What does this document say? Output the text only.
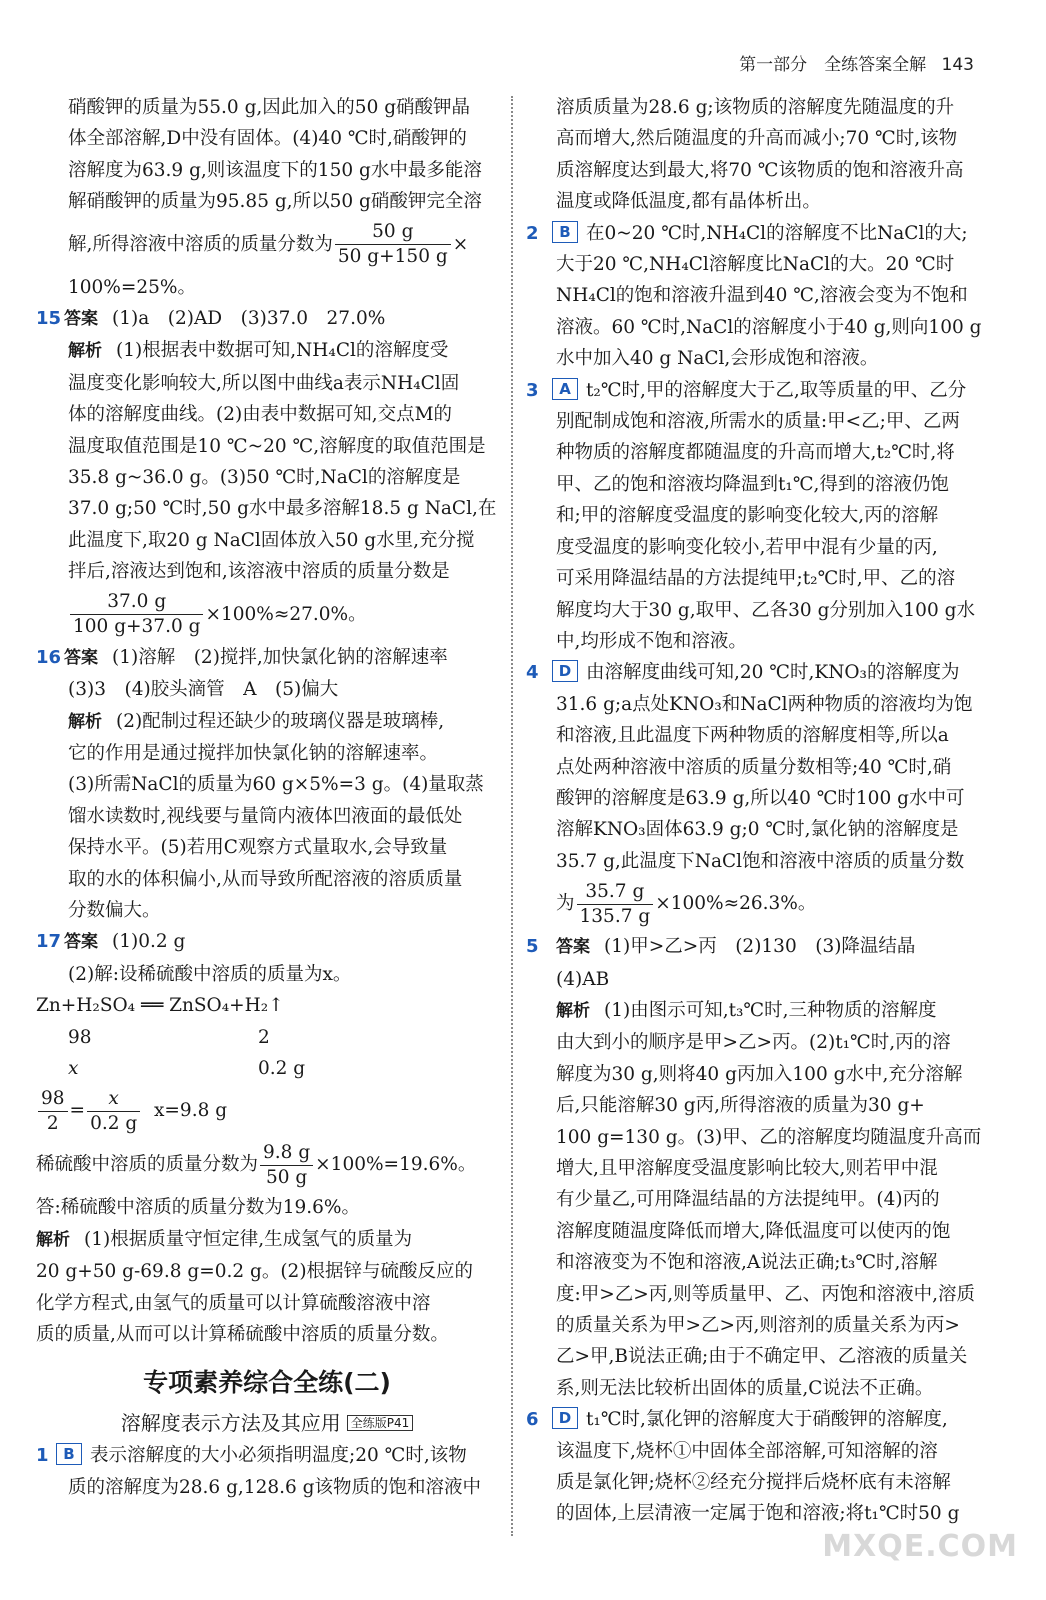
第一部分　全练答案全解 143
硝酸钾的质量为55.0 g,因此加入的50 g硝酸钾晶
体全部溶解,D中没有固体。(4)40 ℃时,硝酸钾的
溶解度为63.9 g,则该温度下的150 g水中最多能溶
解硝酸钾的质量为95.85 g,所以50 g硝酸钾完全溶
解,所得溶液中溶质的质量分数为 $\frac{50 g}{50 g+150 g}$ ×
100%=25%。
15 答案 (1)a　(2)AD　(3)37.0　27.0%
解析 (1)根据表中数据可知,NH₄Cl的溶解度受
温度变化影响较大,所以图中曲线a表示NH₄Cl固
体的溶解度曲线。(2)由表中数据可知,交点M的
温度取值范围是10 ℃~20 ℃,溶解度的取值范围是
35.8 g~36.0 g。(3)50 ℃时,NaCl的溶解度是
37.0 g;50 ℃时,50 g水中最多溶解18.5 g NaCl,在
此温度下,取20 g NaCl固体放入50 g水里,充分搅
拌后,溶液达到饱和,该溶液中溶质的质量分数是
$\frac{37.0 g}{100 g+37.0 g} \times 100\%\approx 27.0\%$。
16 答案 (1)溶解　(2)搅拌,加快氯化钠的溶解速率
(3)3　(4)胶头滴管　A　(5)偏大
解析 (2)配制过程还缺少的玻璃仪器是玻璃棒,
它的作用是通过搅拌加快氯化钠的溶解速率。
(3)所需NaCl的质量为60 g×5%=3 g。(4)量取蒸
馏水读数时,视线要与量筒内液体凹液面的最低处
保持水平。(5)若用C观察方式量取水,会导致量
取的水的体积偏小,从而导致所配溶液的溶质质量
分数偏大。
17 答案 (1)0.2 g
(2)解:设稀硫酸中溶质的质量为x。
Zn+H₂SO₄ ══ ZnSO₄+H₂↑
98	2
x	0.2 g
$\frac{98}{2} = \frac{x}{0.2 g} x=9.8$ g
稀硫酸中溶质的质量分数为 $\frac{9.8 g}{50 g} \times 100\%=19.6\%$。
答:稀硫酸中溶质的质量分数为19.6%。
解析 (1)根据质量守恒定律,生成氢气的质量为
20 g+50 g-69.8 g=0.2 g。(2)根据锌与硫酸反应的
化学方程式,由氢气的质量可以计算硫酸溶液中溶
质的质量,从而可以计算稀硫酸中溶质的质量分数。
专项素养综合全练(二)
溶解度表示方法及其应用 全练版P41
1 B 表示溶解度的大小必须指明温度;20 ℃时,该物
质的溶解度为28.6 g,128.6 g该物质的饱和溶液中
溶质质量为28.6 g;该物质的溶解度先随温度的升
高而增大,然后随温度的升高而减小;70 ℃时,该物
质溶解度达到最大,将70 ℃该物质的饱和溶液升高
温度或降低温度,都有晶体析出。
2 B 在0~20 ℃时,NH₄Cl的溶解度不比NaCl的大;
大于20 ℃,NH₄Cl溶解度比NaCl的大。20 ℃时
NH₄Cl的饱和溶液升温到40 ℃,溶液会变为不饱和
溶液。60 ℃时,NaCl的溶解度小于40 g,则向100 g
水中加入40 g NaCl,会形成饱和溶液。
3 A t₂℃时,甲的溶解度大于乙,取等质量的甲、乙分
别配制成饱和溶液,所需水的质量:甲<乙;甲、乙两
种物质的溶解度都随温度的升高而增大,t₂℃时,将
甲、乙的饱和溶液均降温到t₁℃,得到的溶液仍饱
和;甲的溶解度受温度的影响变化较大,丙的溶解
度受温度的影响变化较小,若甲中混有少量的丙,
可采用降温结晶的方法提纯甲;t₂℃时,甲、乙的溶
解度均大于30 g,取甲、乙各30 g分别加入100 g水
中,均形成不饱和溶液。
4 D 由溶解度曲线可知,20 ℃时,KNO₃的溶解度为
31.6 g;a点处KNO₃和NaCl两种物质的溶液均为饱
和溶液,且此温度下两种物质的溶解度相等,所以a
点处两种溶液中溶质的质量分数相等;40 ℃时,硝
酸钾的溶解度是63.9 g,所以40 ℃时100 g水中可
溶解KNO₃固体63.9 g;0 ℃时,氯化钠的溶解度是
35.7 g,此温度下NaCl饱和溶液中溶质的质量分数
为 $\frac{35.7 g}{135.7 g} \times 100\%\approx 26.3\%$。
5 答案 (1)甲>乙>丙　(2)130　(3)降温结晶
(4)AB
解析 (1)由图示可知,t₃℃时,三种物质的溶解度
由大到小的顺序是甲>乙>丙。(2)t₁℃时,丙的溶
解度为30 g,则将40 g丙加入100 g水中,充分溶解
后,只能溶解30 g丙,所得溶液的质量为30 g+
100 g=130 g。(3)甲、乙的溶解度均随温度升高而
增大,且甲溶解度受温度影响比较大,则若甲中混
有少量乙,可用降温结晶的方法提纯甲。(4)丙的
溶解度随温度降低而增大,降低温度可以使丙的饱
和溶液变为不饱和溶液,A说法正确;t₃℃时,溶解
度:甲>乙>丙,则等质量甲、乙、丙饱和溶液中,溶质
的质量关系为甲>乙>丙,则溶剂的质量关系为丙>
乙>甲,B说法正确;由于不确定甲、乙溶液的质量关
系,则无法比较析出固体的质量,C说法不正确。
6 D t₁℃时,氯化钾的溶解度大于硝酸钾的溶解度,
该温度下,烧杯①中固体全部溶解,可知溶解的溶
质是氯化钾;烧杯②经充分搅拌后烧杯底有未溶解
的固体,上层清液一定属于饱和溶液;将t₁℃时50 g
MXQE.COM
